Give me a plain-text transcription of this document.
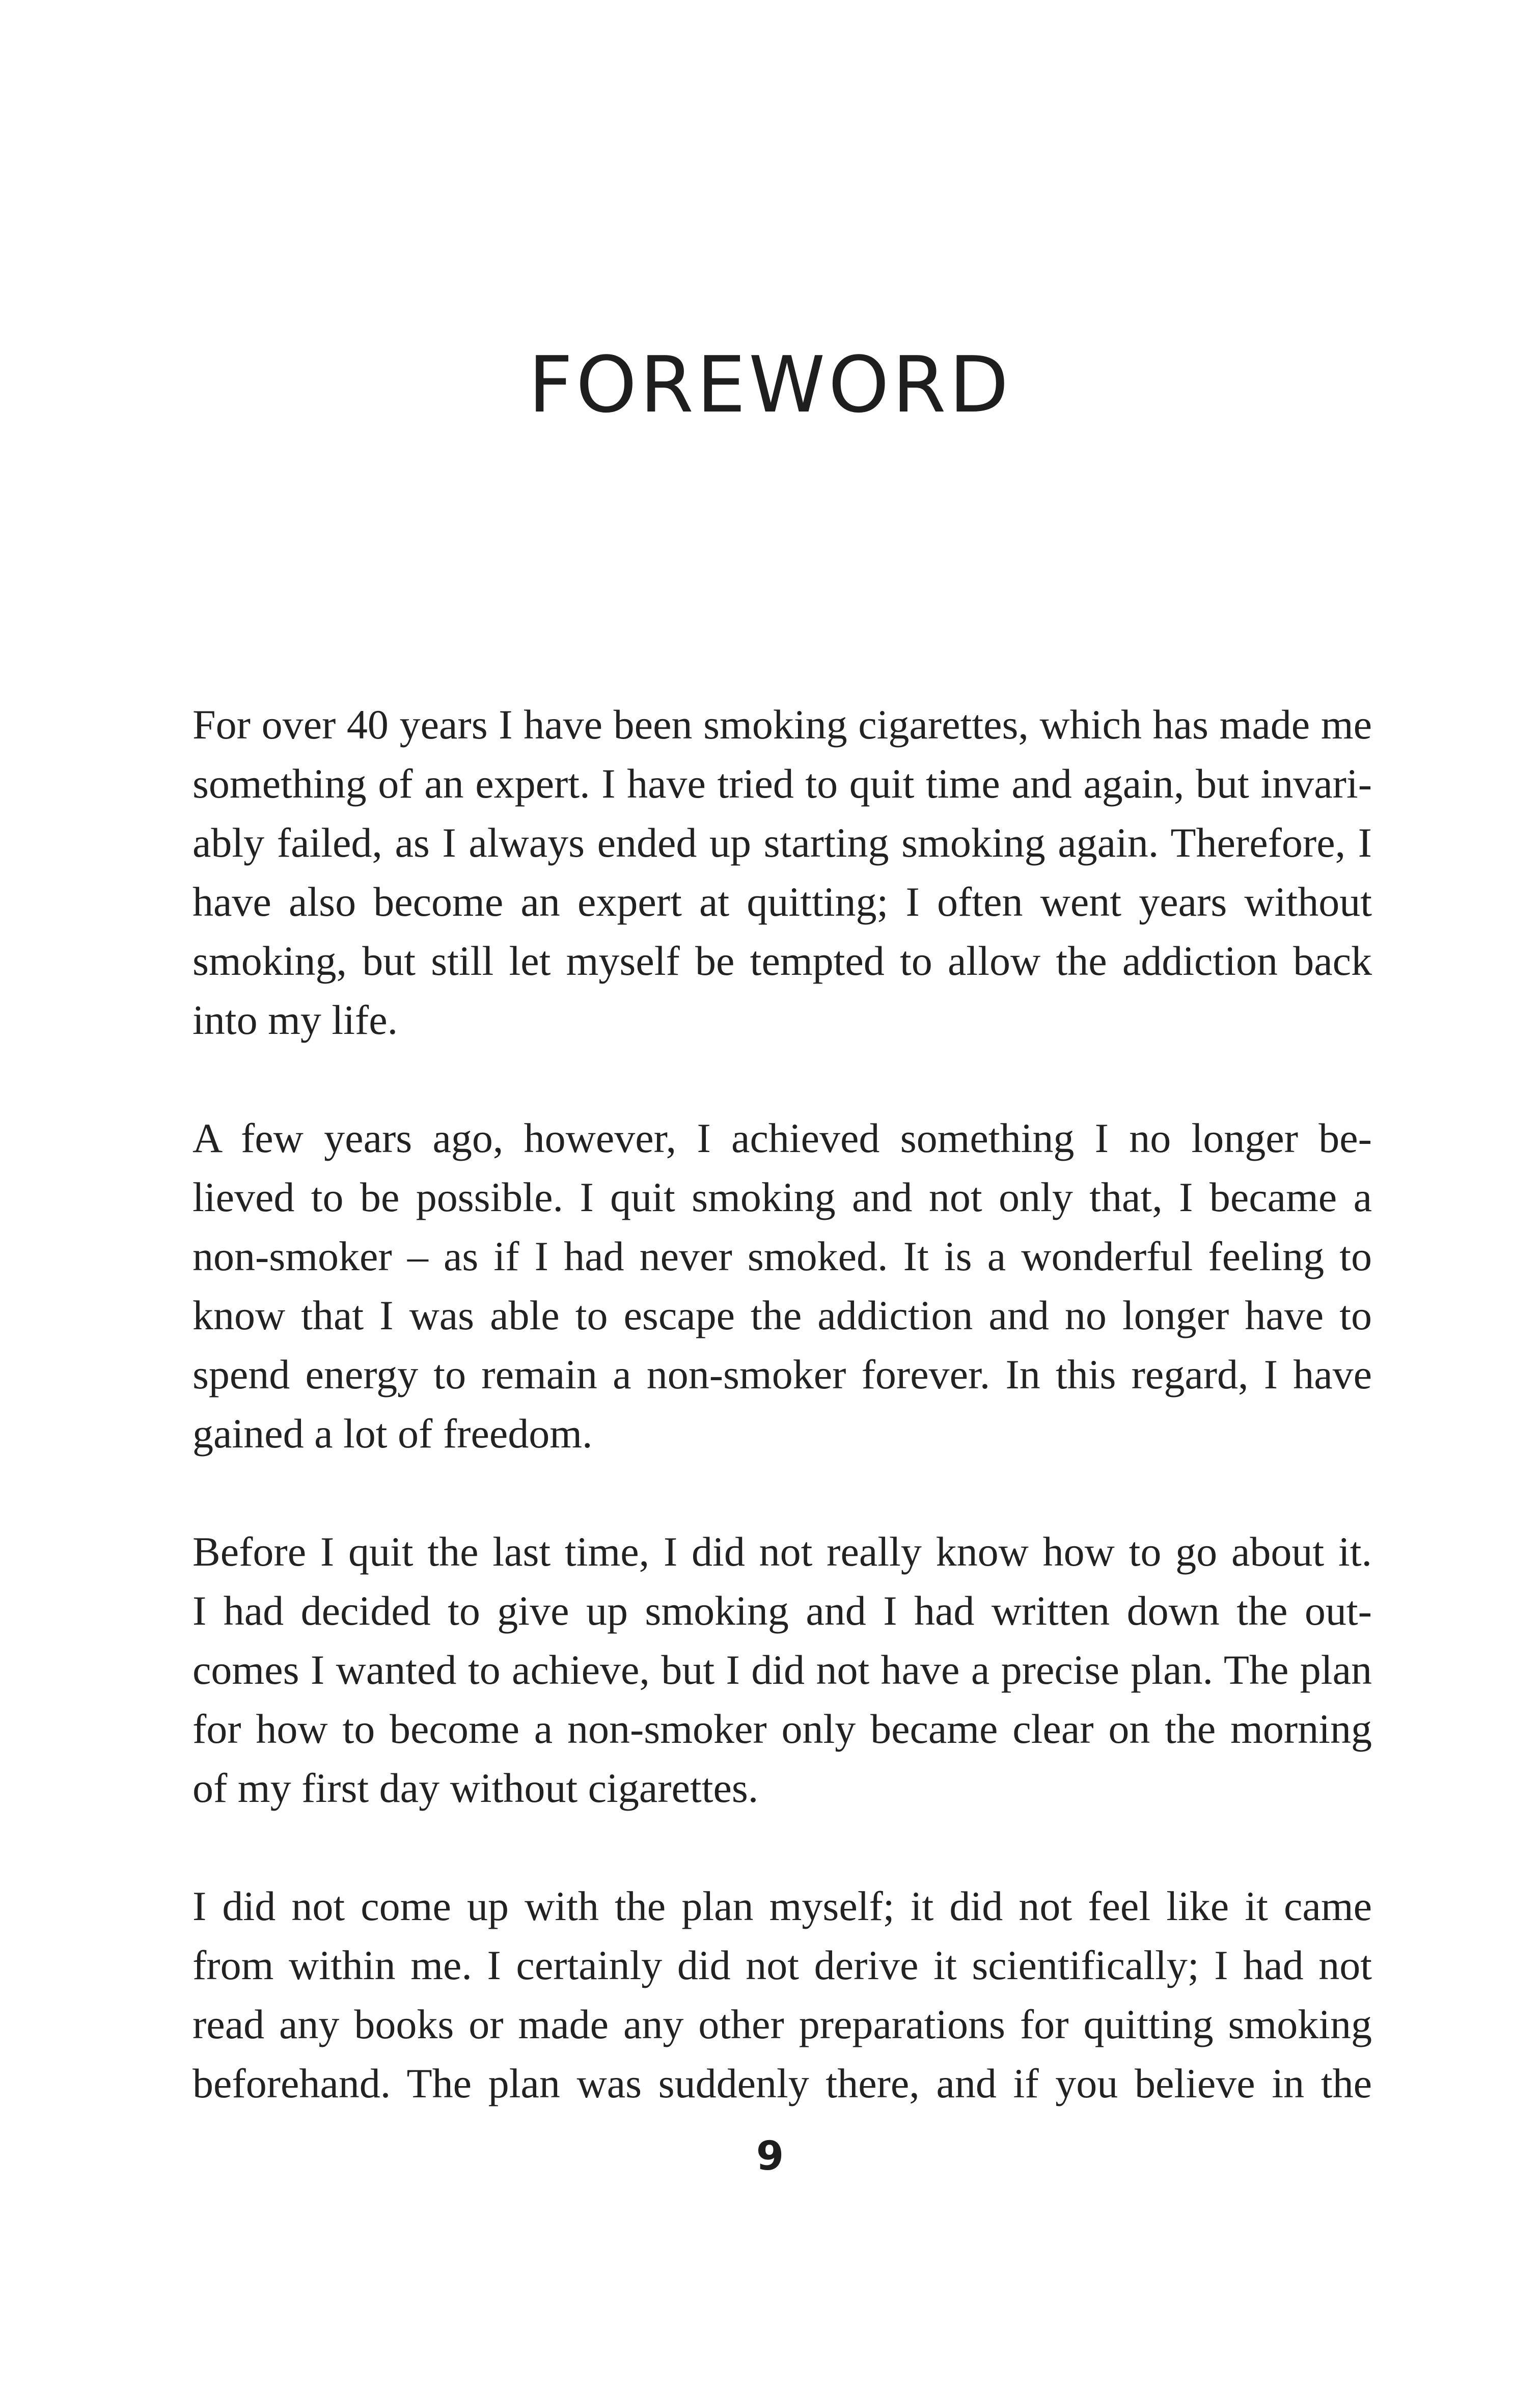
FOREWORD

For over 40 years I have been smoking cigarettes, which has made me
something of an expert. I have tried to quit time and again, but invari-
ably failed, as I always ended up starting smoking again. Therefore, I
have also become an expert at quitting; I often went years without
smoking, but still let myself be tempted to allow the addiction back
into my life.

A few years ago, however, I achieved something I no longer be-
lieved to be possible. I quit smoking and not only that, I became a
non-smoker – as if I had never smoked. It is a wonderful feeling to
know that I was able to escape the addiction and no longer have to
spend energy to remain a non-smoker forever. In this regard, I have
gained a lot of freedom.

Before I quit the last time, I did not really know how to go about it.
I had decided to give up smoking and I had written down the out-
comes I wanted to achieve, but I did not have a precise plan. The plan
for how to become a non-smoker only became clear on the morning
of my first day without cigarettes.

I did not come up with the plan myself; it did not feel like it came
from within me. I certainly did not derive it scientifically; I had not
read any books or made any other preparations for quitting smoking
beforehand. The plan was suddenly there, and if you believe in the

9
